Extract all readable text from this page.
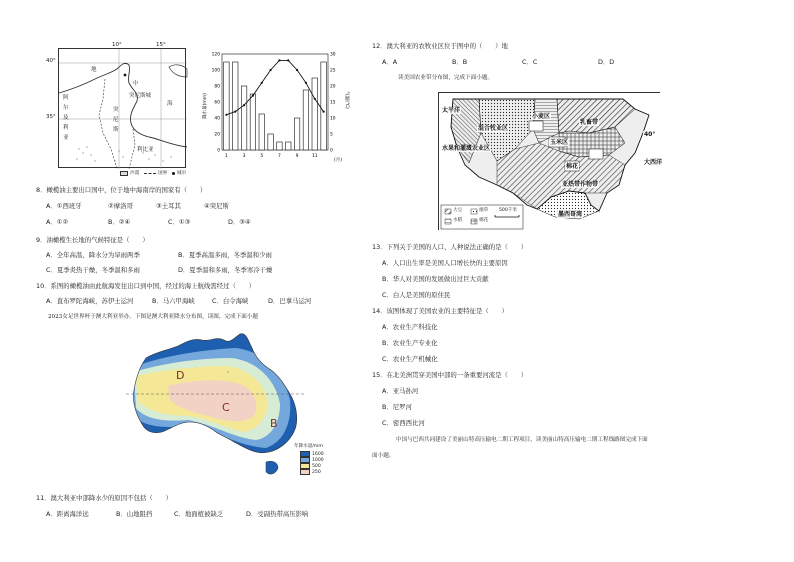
10°	15°
40°
35°
地
中
突尼斯城
海
阿
尔
及
利
亚
突
尼
斯
利比亚
沙漠	国界 城市
120
100
80
60
40
20
0
30
25
20
15
10
5
0
1	3	5	7	9	11
降水量(mm)	气温(℃)
(月)
8．橄榄油主要出口国中，位于地中海南岸的国家有（　　）
A．①西班牙	②摩洛哥	③土耳其	④突尼斯
A．①②	B．②④	C．①③	D．③④
9．油橄榄生长地的气候特征是（　　）
A．全年高温，降水分为旱雨两季	B．夏季高温多雨，冬季温和少雨
C．夏季炎热干燥，冬季温和多雨	D．夏季温和多雨，冬季寒冷干燥
10．系图的橄榄油由此航海发往出口到中国，经过的海上航线需经过（　　）
A．直布罗陀海峡，苏伊士运河	B．马六甲海峡	C．白令海峡	D．巴拿马运河
2023女足世界杯于澳大利亚举办。下图是澳大利亚降水分布图，读图，完成下面小题
D
C
B
年降水量/mm
1600
1000
500
250
11．澳大利亚中部降水少的原因不包括（　　）
A．距离海洋远	B．山地阻挡	C．地面植被缺乏	D．受副热带高压影响
12．澳大利亚的农牧业区位于图中的（　　）地
A．A	B．B	C．C	D．D
读美国农业带分布图，完成下面小题。
太平洋
混合牧业区
水果和灌溉农业区
小麦区
玉米区
乳畜带
棉花
亚热带作物带
大西洋
墨西哥湾
40°
大豆	烟草
水稻	棉花
500千米
13．下列关于美国的人口、人种说法正确的是（　　）
A．人口出生率是美国人口增长快的主要原因
B．华人对美国的发展做出过巨大贡献
C．白人是美国的原住民
14．该图体现了美国农业的主要特征是（　　）
A．农业生产科技化
B．农业生产专业化
C．农业生产机械化
15．在北美洲贯穿美国中部的一条重要河流是（　　）
A．亚马孙河
B．尼罗河
C．密西西比河
中国与巴西共同建设了美丽山特高压输电二期工程项目，读美丽山特高压输电二期工程线路图完成下面
面小题。
